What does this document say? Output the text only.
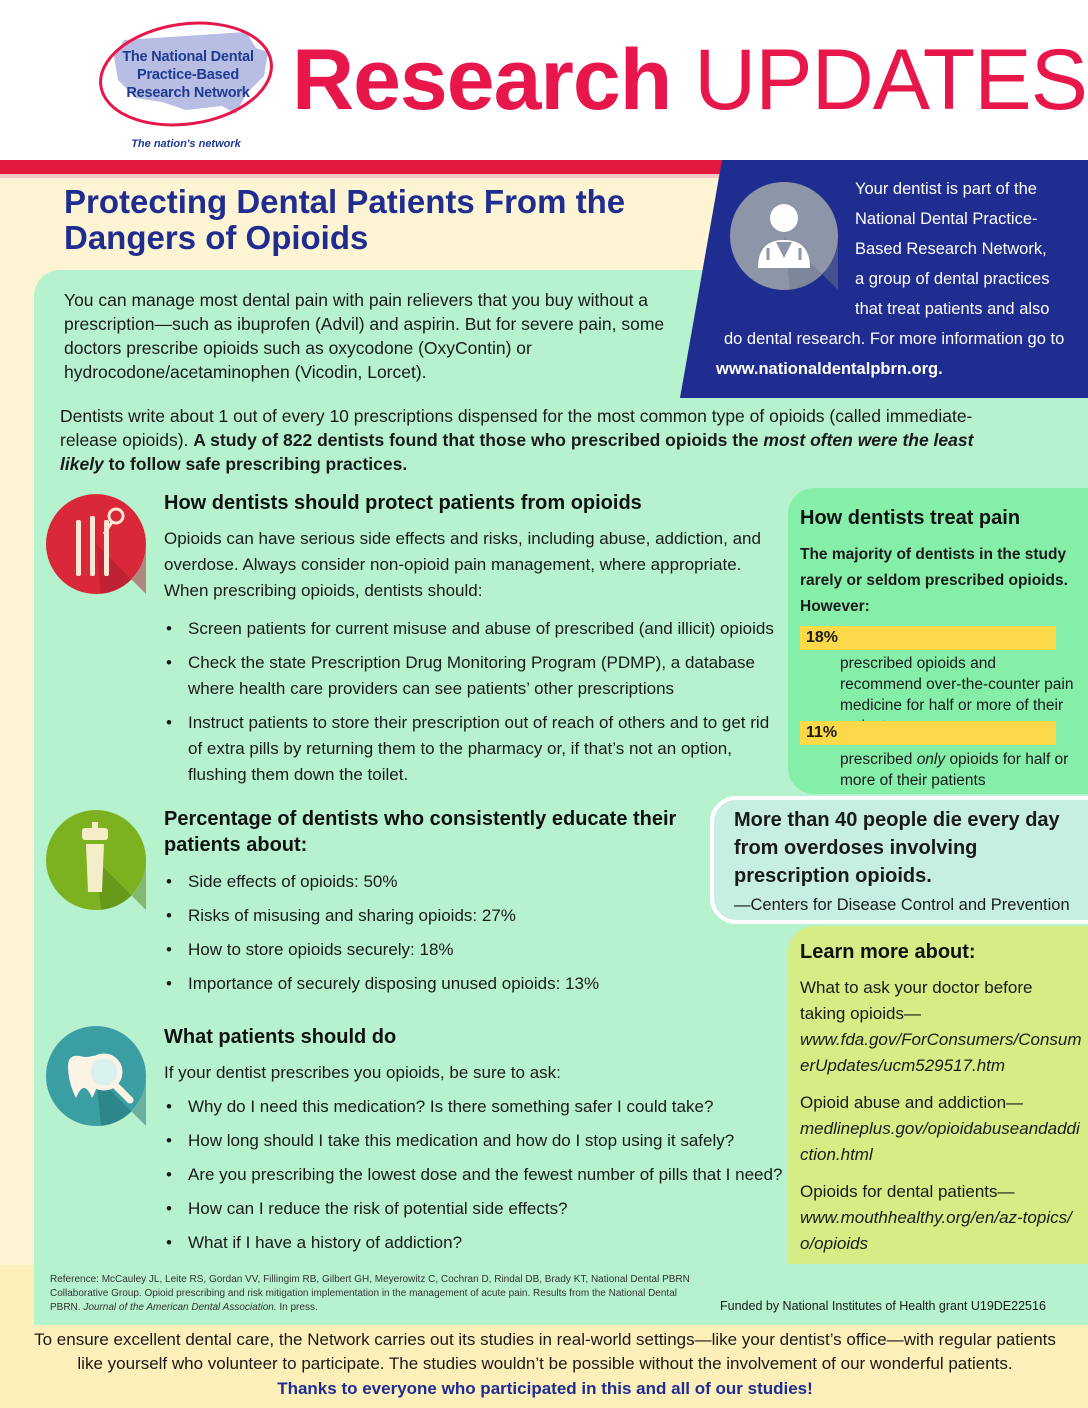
The National Dental
Practice-Based
Research Network
The nation's network
Research UPDATES
Your dentist is part of the
National Dental Practice-
Based Research Network,
a group of dental practices
that treat patients and also
do dental research. For more information go to
www.nationaldentalpbrn.org.
Protecting Dental Patients From the Dangers of Opioids
You can manage most dental pain with pain relievers that you buy without a prescription—such as ibuprofen (Advil) and aspirin. But for severe pain, some doctors prescribe opioids such as oxycodone (OxyContin) or hydrocodone/acetaminophen (Vicodin, Lorcet).
Dentists write about 1 out of every 10 prescriptions dispensed for the most common type of opioids (called immediate-release opioids). A study of 822 dentists found that those who prescribed opioids the most often were the least likely to follow safe prescribing practices.
How dentists should protect patients from opioids
Opioids can have serious side effects and risks, including abuse, addiction, and overdose. Always consider non-opioid pain management, where appropriate. When prescribing opioids, dentists should:
• Screen patients for current misuse and abuse of prescribed (and illicit) opioids
• Check the state Prescription Drug Monitoring Program (PDMP), a database where health care providers can see patients’ other prescriptions
• Instruct patients to store their prescription out of reach of others and to get rid of extra pills by returning them to the pharmacy or, if that’s not an option, flushing them down the toilet.
Percentage of dentists who consistently educate their patients about:
• Side effects of opioids: 50%
• Risks of misusing and sharing opioids: 27%
• How to store opioids securely: 18%
• Importance of securely disposing unused opioids: 13%
What patients should do
If your dentist prescribes you opioids, be sure to ask:
• Why do I need this medication? Is there something safer I could take?
• How long should I take this medication and how do I stop using it safely?
• Are you prescribing the lowest dose and the fewest number of pills that I need?
• How can I reduce the risk of potential side effects?
• What if I have a history of addiction?
How dentists treat pain
The majority of dentists in the study rarely or seldom prescribed opioids. However:
18%
prescribed opioids and recommend over-the-counter pain medicine for half or more of their
11%
prescribed only opioids for half or more of their patients
More than 40 people die every day from overdoses involving prescription opioids.
—Centers for Disease Control and Prevention
Learn more about:
What to ask your doctor before taking opioids—
www.fda.gov/ForConsumers/ConsumerUpdates/ucm529517.htm
Opioid abuse and addiction—
medlineplus.gov/opioidabuseandaddiction.html
Opioids for dental patients—
www.mouthhealthy.org/en/az-topics/o/opioids
Reference: McCauley JL, Leite RS, Gordan VV, Fillingim RB, Gilbert GH, Meyerowitz C, Cochran D, Rindal DB, Brady KT, National Dental PBRN Collaborative Group. Opioid prescribing and risk mitigation implementation in the management of acute pain. Results from the National Dental PBRN. Journal of the American Dental Association. In press.	Funded by National Institutes of Health grant U19DE22516
To ensure excellent dental care, the Network carries out its studies in real-world settings—like your dentist’s office—with regular patients like yourself who volunteer to participate. The studies wouldn’t be possible without the involvement of our wonderful patients.
Thanks to everyone who participated in this and all of our studies!
